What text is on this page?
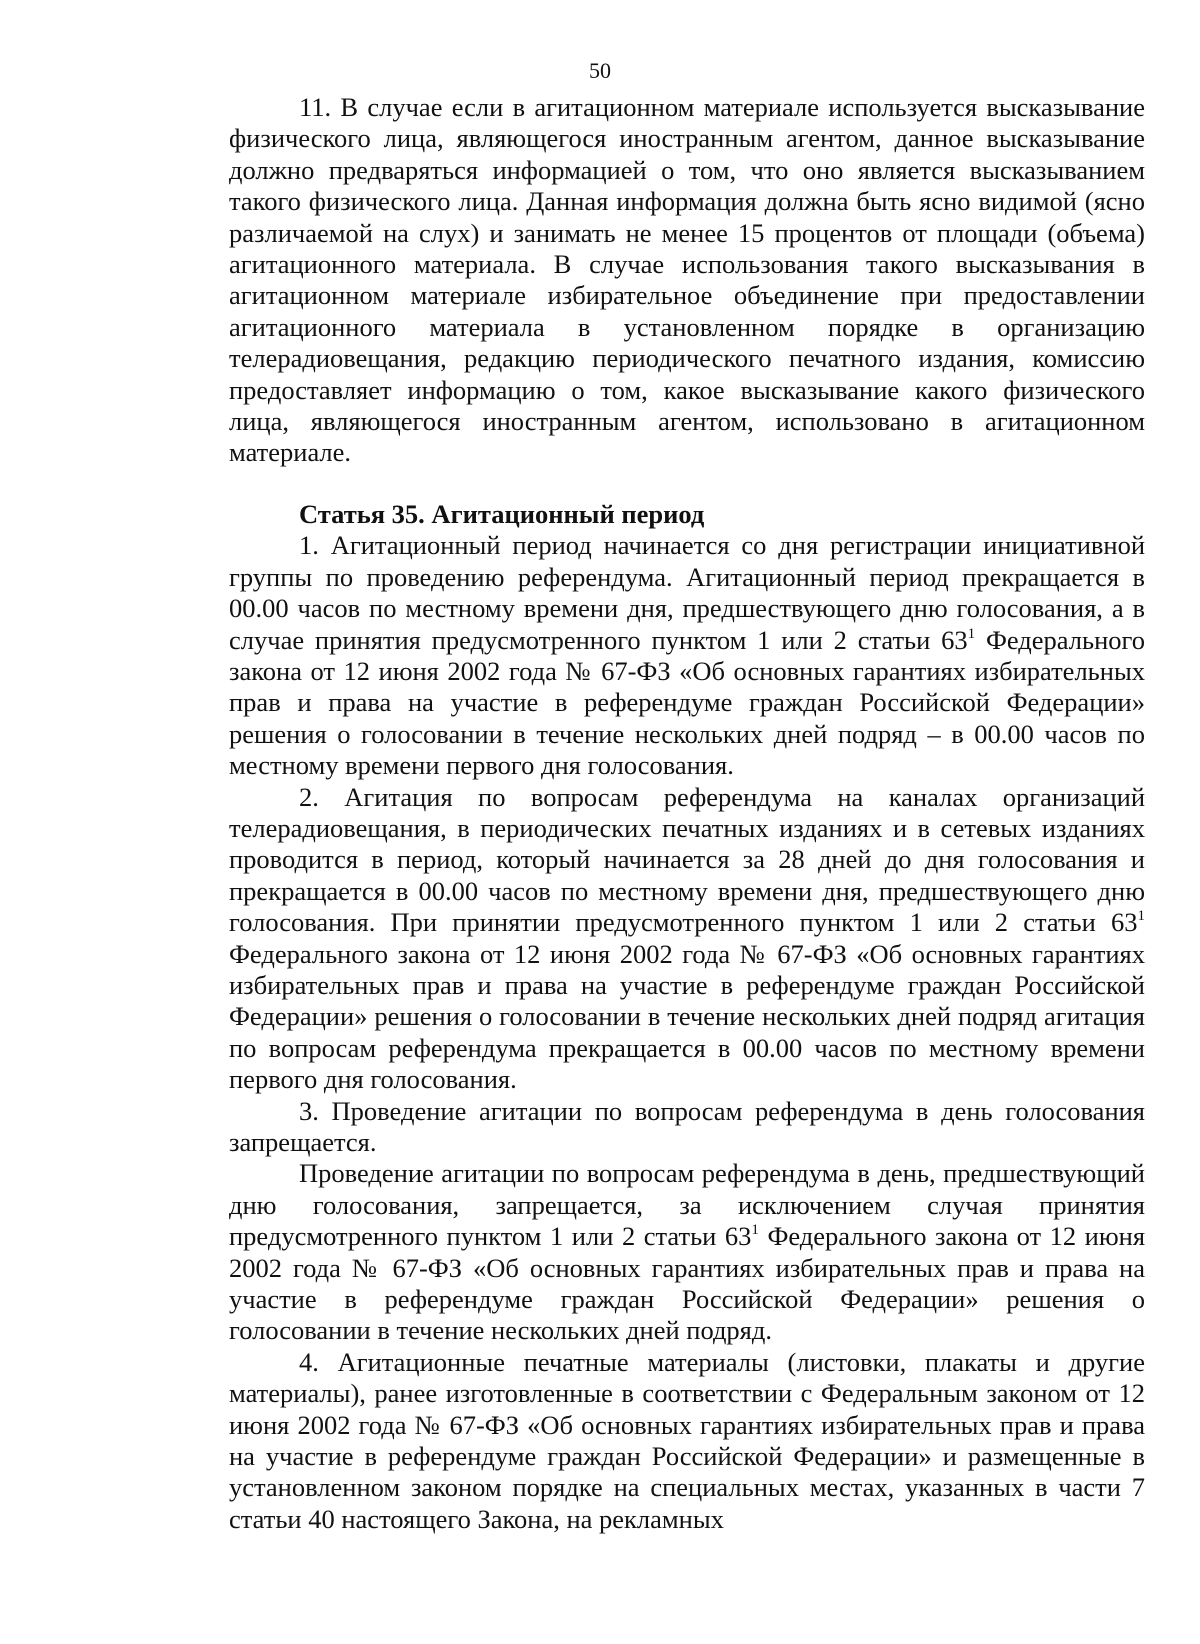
50

11. В случае если в агитационном материале используется высказывание физического лица, являющегося иностранным агентом, данное высказывание должно предваряться информацией о том, что оно является высказыванием такого физического лица. Данная информация должна быть ясно видимой (ясно различаемой на слух) и занимать не менее 15 процентов от площади (объема) агитационного материала. В случае использования такого высказывания в агитационном материале избирательное объединение при предоставлении агитационного материала в установленном порядке в организацию телерадиовещания, редакцию периодического печатного издания, комиссию предоставляет информацию о том, какое высказывание какого физического лица, являющегося иностранным агентом, использовано в агитационном материале.

Статья 35. Агитационный период

1. Агитационный период начинается со дня регистрации инициативной группы по проведению референдума. Агитационный период прекращается в 00.00 часов по местному времени дня, предшествующего дню голосования, а в случае принятия предусмотренного пунктом 1 или 2 статьи $63^1$ Федерального закона от 12 июня 2002 года № 67-ФЗ «Об основных гарантиях избирательных прав и права на участие в референдуме граждан Российской Федерации» решения о голосовании в течение нескольких дней подряд – в 00.00 часов по местному времени первого дня голосования.

2. Агитация по вопросам референдума на каналах организаций телерадиовещания, в периодических печатных изданиях и в сетевых изданиях проводится в период, который начинается за 28 дней до дня голосования и прекращается в 00.00 часов по местному времени дня, предшествующего дню голосования. При принятии предусмотренного пунктом 1 или 2 статьи $63^1$ Федерального закона от 12 июня 2002 года № 67-ФЗ «Об основных гарантиях избирательных прав и права на участие в референдуме граждан Российской Федерации» решения о голосовании в течение нескольких дней подряд агитация по вопросам референдума прекращается в 00.00 часов по местному времени первого дня голосования.

3. Проведение агитации по вопросам референдума в день голосования запрещается.

Проведение агитации по вопросам референдума в день, предшествующий дню голосования, запрещается, за исключением случая принятия предусмотренного пунктом 1 или 2 статьи $63^1$ Федерального закона от 12 июня 2002 года № 67-ФЗ «Об основных гарантиях избирательных прав и права на участие в референдуме граждан Российской Федерации» решения о голосовании в течение нескольких дней подряд.

4. Агитационные печатные материалы (листовки, плакаты и другие материалы), ранее изготовленные в соответствии с Федеральным законом от 12 июня 2002 года № 67-ФЗ «Об основных гарантиях избирательных прав и права на участие в референдуме граждан Российской Федерации» и размещенные в установленном законом порядке на специальных местах, указанных в части 7 статьи 40 настоящего Закона, на рекламных
